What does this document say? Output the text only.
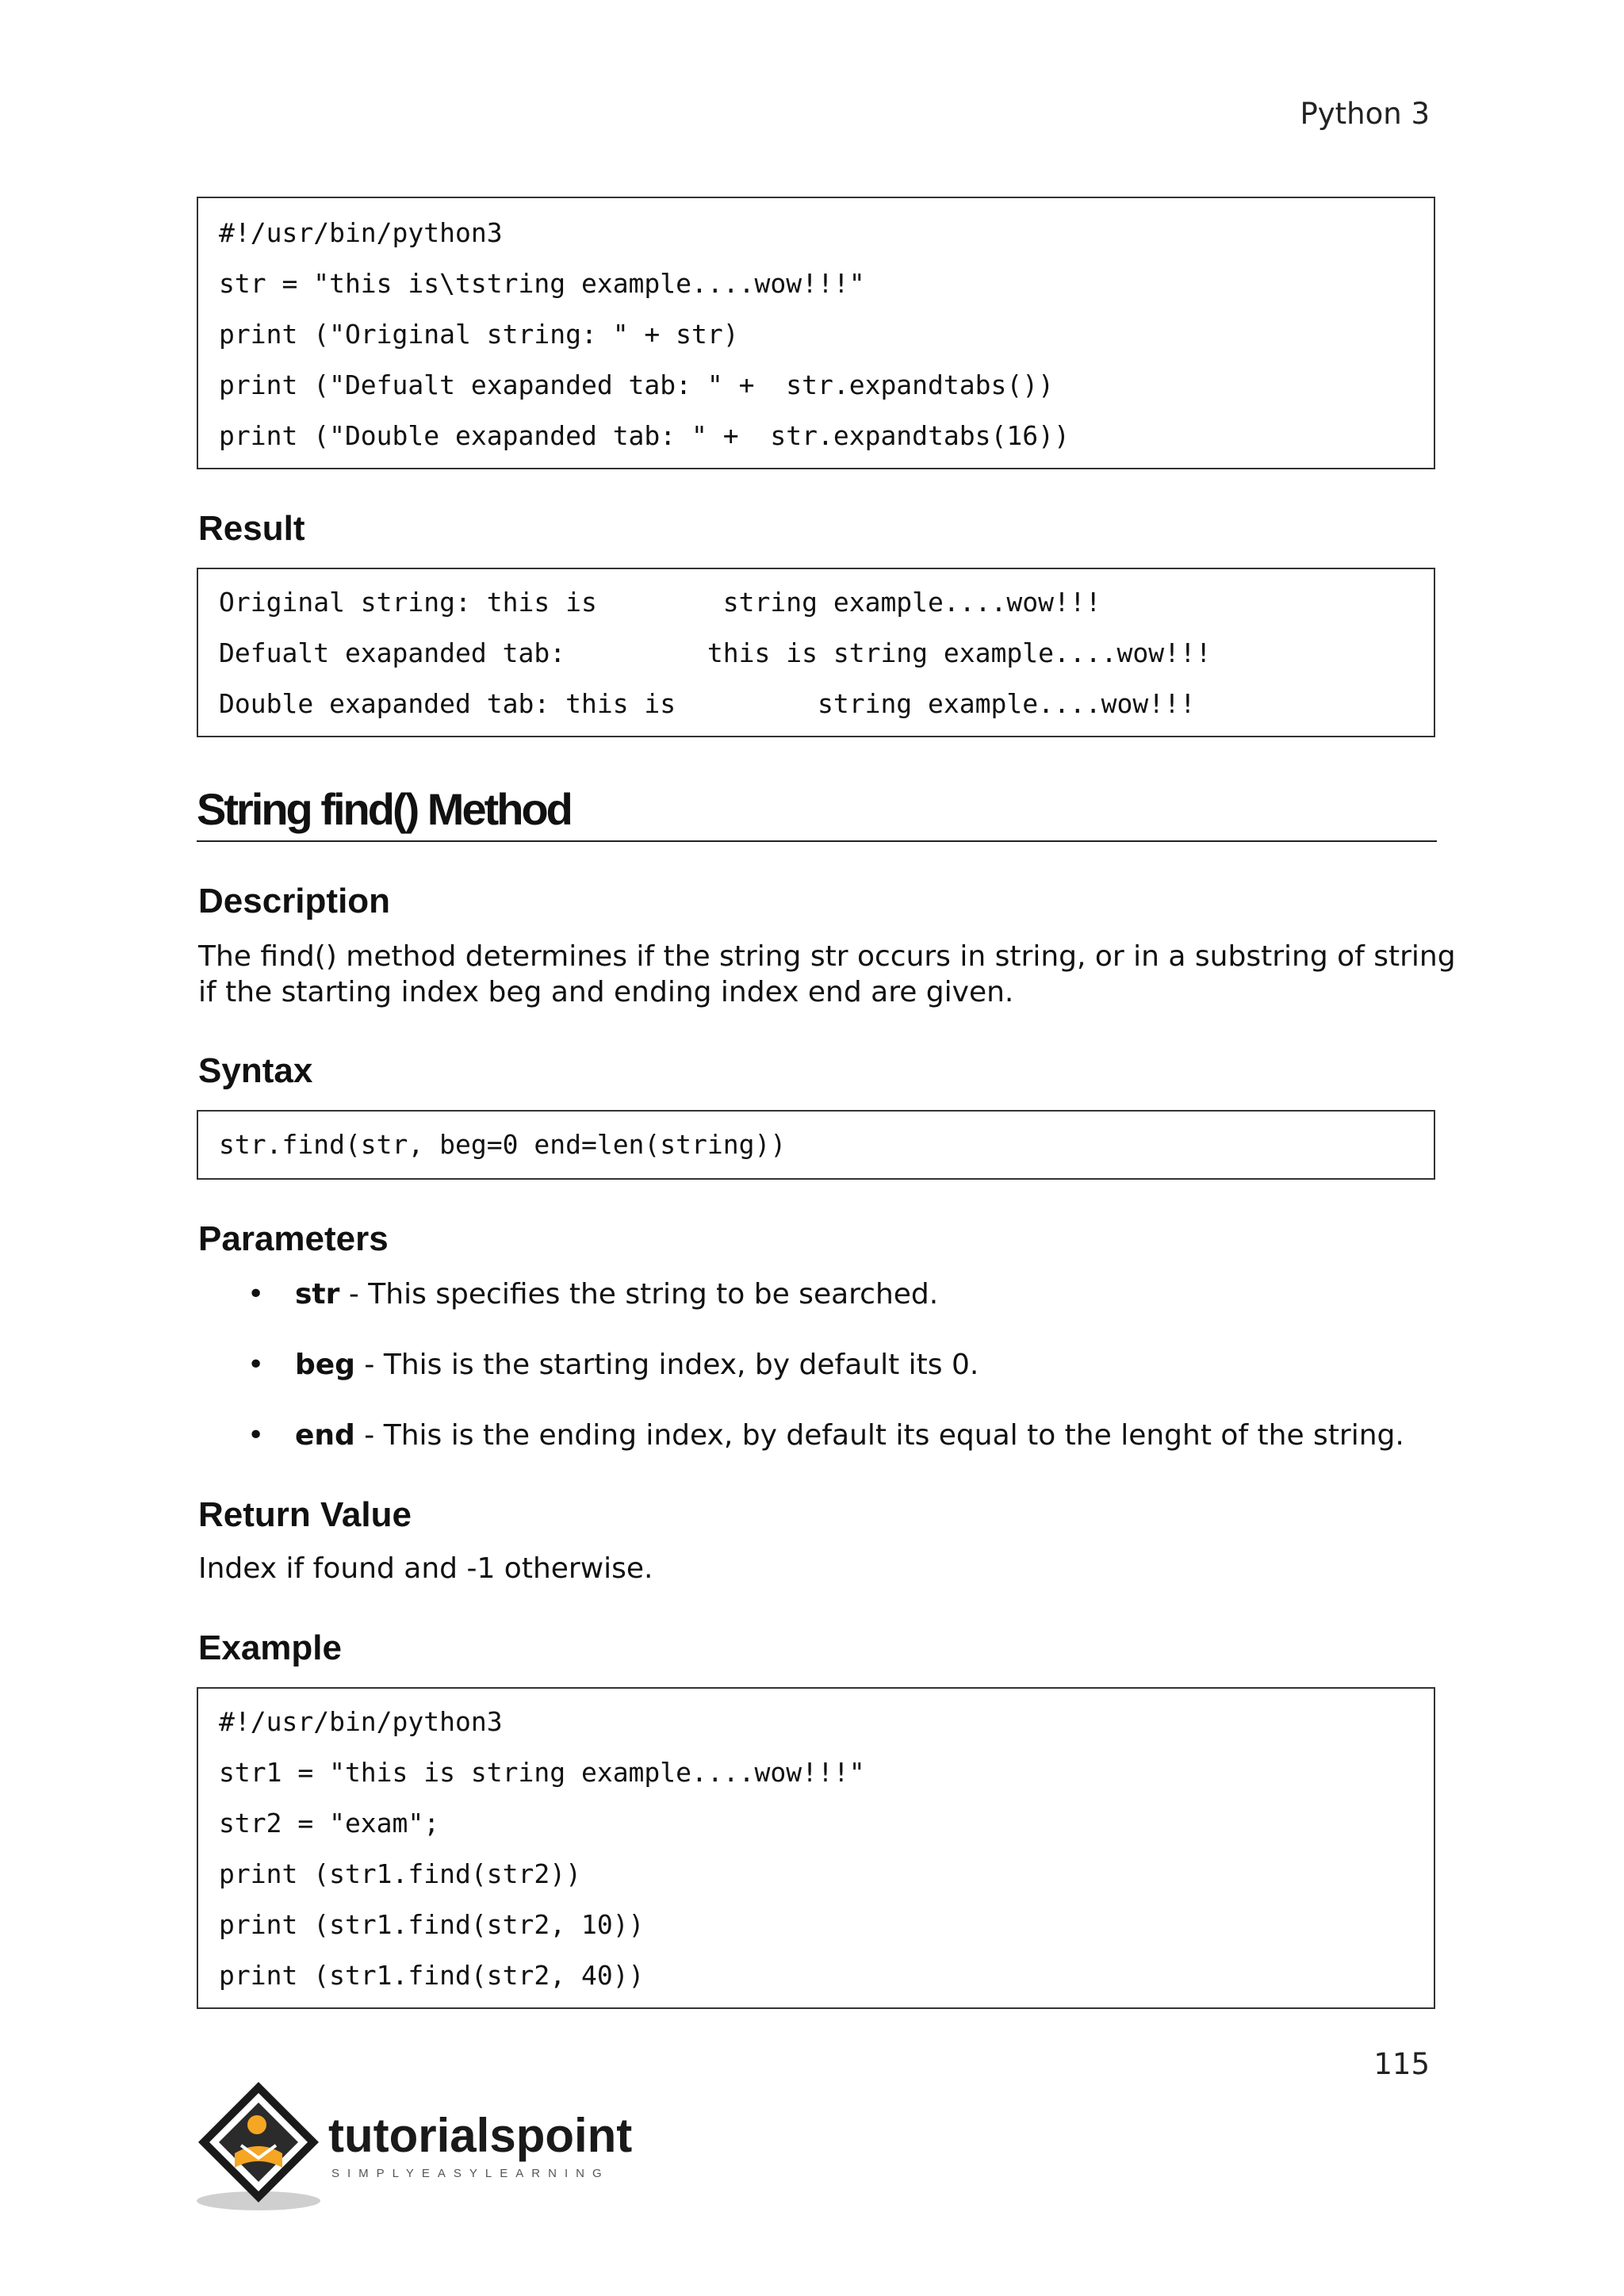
Python 3
#!/usr/bin/python3
str = "this is\tstring example....wow!!!"
print ("Original string: " + str)
print ("Defualt exapanded tab: " +  str.expandtabs())
print ("Double exapanded tab: " +  str.expandtabs(16))
Result
Original string: this is        string example....wow!!!
Defualt exapanded tab:         this is string example....wow!!!
Double exapanded tab: this is         string example....wow!!!
String find() Method
Description
The find() method determines if the string str occurs in string, or in a substring of string
if the starting index beg and ending index end are given.
Syntax
str.find(str, beg=0 end=len(string))
Parameters
• str - This specifies the string to be searched.
• beg - This is the starting index, by default its 0.
• end - This is the ending index, by default its equal to the lenght of the string.
Return Value
Index if found and -1 otherwise.
Example
#!/usr/bin/python3
str1 = "this is string example....wow!!!"
str2 = "exam";
print (str1.find(str2))
print (str1.find(str2, 10))
print (str1.find(str2, 40))
115
tutorialspoint
SIMPLYEASYLEARNING
